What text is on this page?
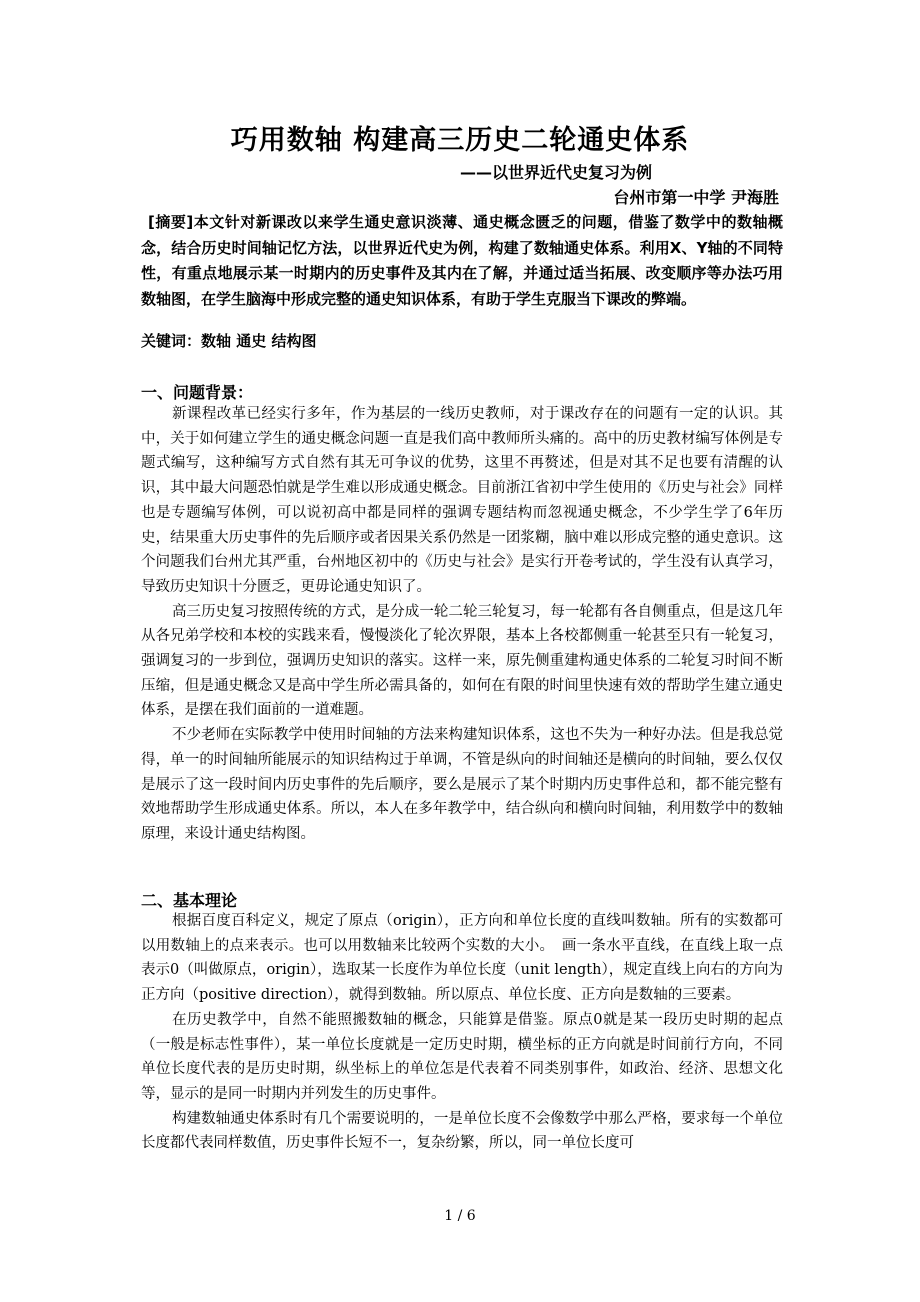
巧用数轴 构建高三历史二轮通史体系
——以世界近代史复习为例
台州市第一中学 尹海胜
[摘要]本文针对新课改以来学生通史意识淡薄、通史概念匮乏的问题，借鉴了数学中的数轴概念，结合历史时间轴记忆方法，以世界近代史为例，构建了数轴通史体系。利用X、Y轴的不同特性，有重点地展示某一时期内的历史事件及其内在了解，并通过适当拓展、改变顺序等办法巧用数轴图，在学生脑海中形成完整的通史知识体系，有助于学生克服当下课改的弊端。
关键词：数轴 通史 结构图
一、问题背景：

新课程改革已经实行多年，作为基层的一线历史教师，对于课改存在的问题有一定的认识。其中，关于如何建立学生的通史概念问题一直是我们高中教师所头痛的。高中的历史教材编写体例是专题式编写，这种编写方式自然有其无可争议的优势，这里不再赘述，但是对其不足也要有清醒的认识，其中最大问题恐怕就是学生难以形成通史概念。目前浙江省初中学生使用的《历史与社会》同样也是专题编写体例，可以说初高中都是同样的强调专题结构而忽视通史概念，不少学生学了6年历史，结果重大历史事件的先后顺序或者因果关系仍然是一团浆糊，脑中难以形成完整的通史意识。这个问题我们台州尤其严重，台州地区初中的《历史与社会》是实行开卷考试的，学生没有认真学习，导致历史知识十分匮乏，更毋论通史知识了。

高三历史复习按照传统的方式，是分成一轮二轮三轮复习，每一轮都有各自侧重点，但是这几年从各兄弟学校和本校的实践来看，慢慢淡化了轮次界限，基本上各校都侧重一轮甚至只有一轮复习，强调复习的一步到位，强调历史知识的落实。这样一来，原先侧重建构通史体系的二轮复习时间不断压缩，但是通史概念又是高中学生所必需具备的，如何在有限的时间里快速有效的帮助学生建立通史体系，是摆在我们面前的一道难题。

不少老师在实际教学中使用时间轴的方法来构建知识体系，这也不失为一种好办法。但是我总觉得，单一的时间轴所能展示的知识结构过于单调，不管是纵向的时间轴还是横向的时间轴，要么仅仅是展示了这一段时间内历史事件的先后顺序，要么是展示了某个时期内历史事件总和，都不能完整有效地帮助学生形成通史体系。所以，本人在多年教学中，结合纵向和横向时间轴，利用数学中的数轴原理，来设计通史结构图。

二、基本理论

根据百度百科定义，规定了原点（origin），正方向和单位长度的直线叫数轴。所有的实数都可以用数轴上的点来表示。也可以用数轴来比较两个实数的大小。　画一条水平直线，在直线上取一点表示0（叫做原点，origin），选取某一长度作为单位长度（unit length），规定直线上向右的方向为正方向（positive direction），就得到数轴。所以原点、单位长度、正方向是数轴的三要素。

在历史教学中，自然不能照搬数轴的概念，只能算是借鉴。原点0就是某一段历史时期的起点（一般是标志性事件），某一单位长度就是一定历史时期，横坐标的正方向就是时间前行方向，不同单位长度代表的是历史时期，纵坐标上的单位怎是代表着不同类别事件，如政治、经济、思想文化等，显示的是同一时期内并列发生的历史事件。

构建数轴通史体系时有几个需要说明的，一是单位长度不会像数学中那么严格，要求每一个单位长度都代表同样数值，历史事件长短不一，复杂纷繁，所以，同一单位长度可

1 / 6
